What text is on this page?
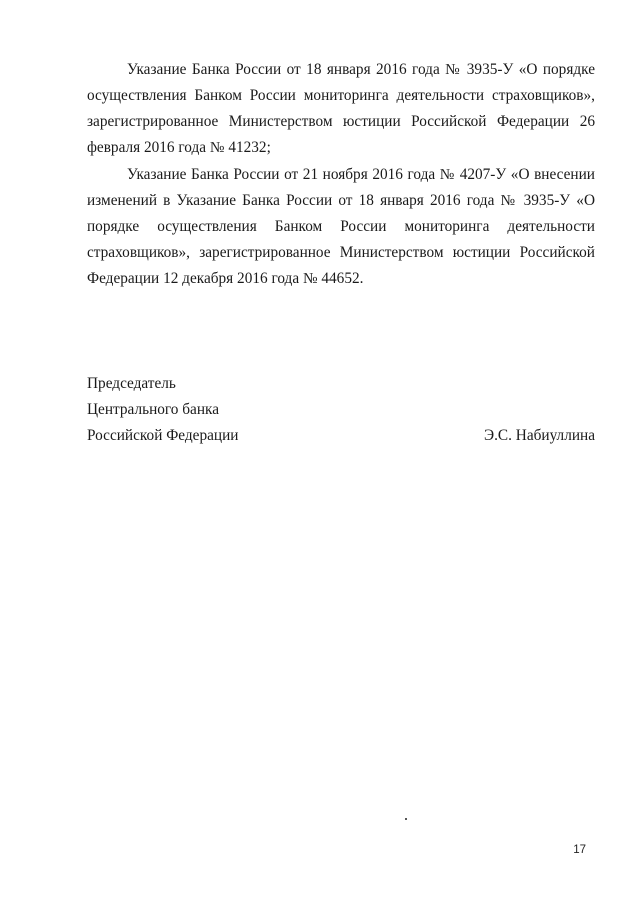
Указание Банка России от 18 января 2016 года № 3935-У «О порядке осуществления Банком России мониторинга деятельности страховщиков», зарегистрированное Министерством юстиции Российской Федерации 26 февраля 2016 года № 41232;

Указание Банка России от 21 ноября 2016 года № 4207-У «О внесении изменений в Указание Банка России от 18 января 2016 года № 3935-У «О порядке осуществления Банком России мониторинга деятельности страховщиков», зарегистрированное Министерством юстиции Российской Федерации 12 декабря 2016 года № 44652.

Председатель

Центрального банка

Российской Федерации	Э.С. Набиуллина

17
